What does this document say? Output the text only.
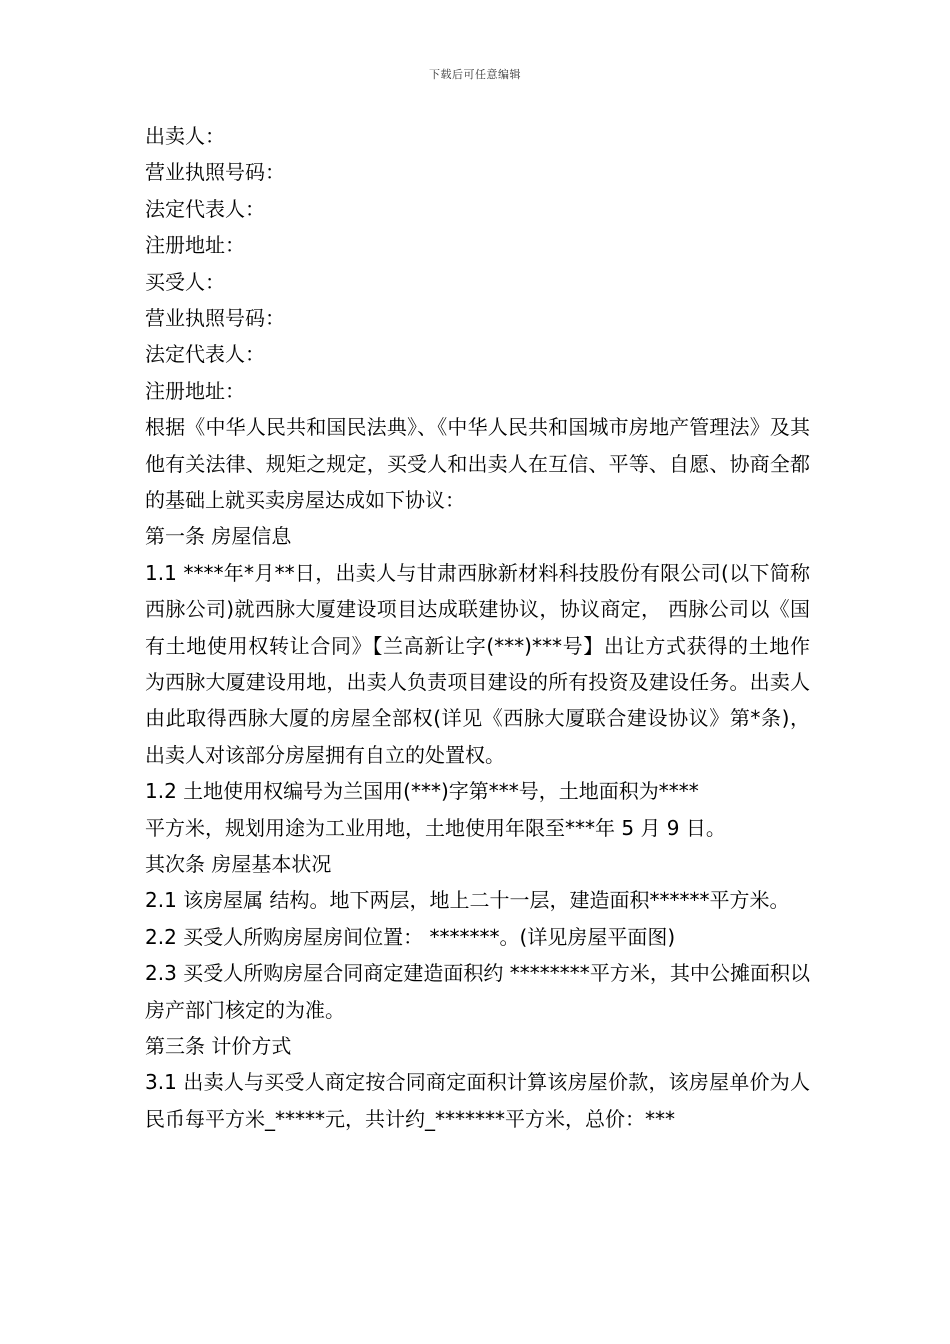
下载后可任意编辑
出卖人：
营业执照号码：
法定代表人：
注册地址：
买受人：
营业执照号码：
法定代表人：
注册地址：

根据《中华人民共和国民法典》、《中华人民共和国城市房地产管理法》及其他有关法律、规矩之规定，买受人和出卖人在互信、平等、自愿、协商全都的基础上就买卖房屋达成如下协议：

第一条 房屋信息

1.1 ****年*月**日，出卖人与甘肃西脉新材料科技股份有限公司(以下简称西脉公司)就西脉大厦建设项目达成联建协议，协议商定， 西脉公司以《国有土地使用权转让合同》【兰高新让字(***)***号】出让方式获得的土地作为西脉大厦建设用地，出卖人负责项目建设的所有投资及建设任务。出卖人由此取得西脉大厦的房屋全部权(详见《西脉大厦联合建设协议》第*条)，出卖人对该部分房屋拥有自立的处置权。

1.2 土地使用权编号为兰国用(***)字第***号，土地面积为****
平方米，规划用途为工业用地，土地使用年限至***年 5 月 9 日。
其次条 房屋基本状况

2.1 该房屋属 结构。地下两层，地上二十一层，建造面积******平方米。

2.2 买受人所购房屋房间位置： *******。(详见房屋平面图)

2.3 买受人所购房屋合同商定建造面积约 ********平方米，其中公摊面积以房产部门核定的为准。

第三条 计价方式

3.1 出卖人与买受人商定按合同商定面积计算该房屋价款，该房屋单价为人民币每平方米_*****元，共计约_*******平方米，总价：***
